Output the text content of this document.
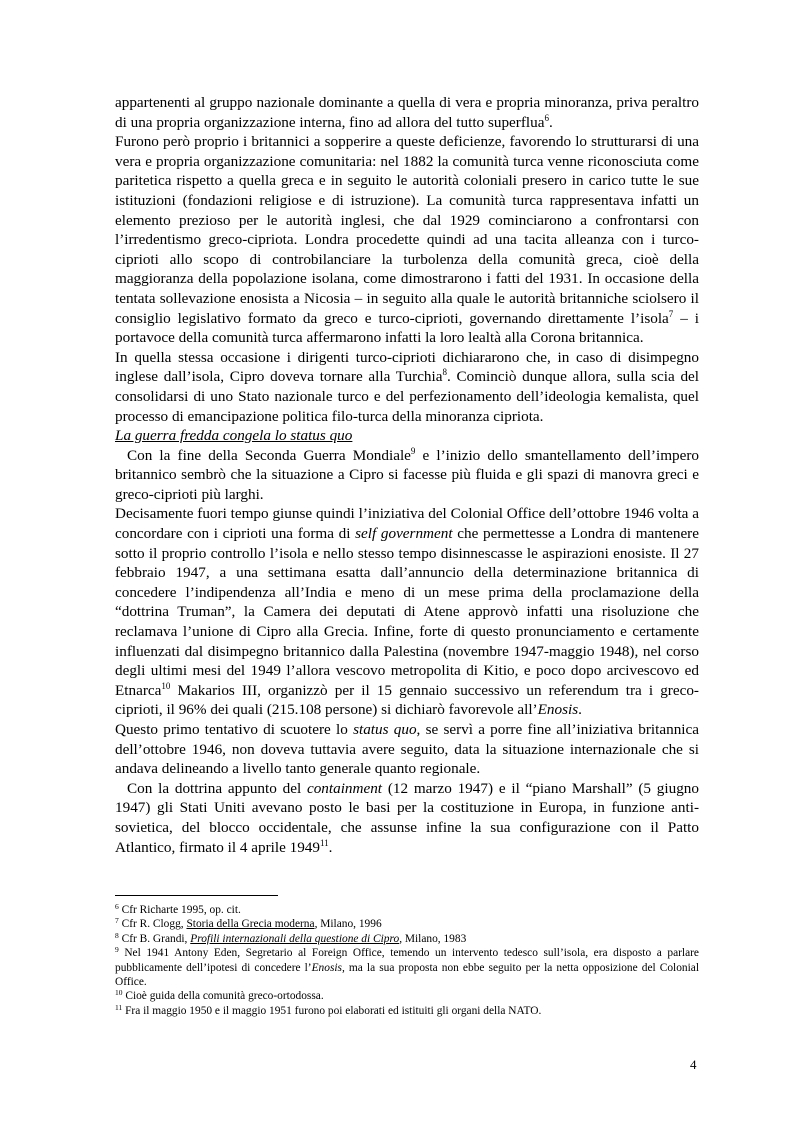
appartenenti al gruppo nazionale dominante a quella di vera e propria minoranza, priva peraltro di una propria organizzazione interna, fino ad allora del tutto superflua$^6$.

Furono però proprio i britannici a sopperire a queste deficienze, favorendo lo strutturarsi di una vera e propria organizzazione comunitaria: nel 1882 la comunità turca venne riconosciuta come paritetica rispetto a quella greca e in seguito le autorità coloniali presero in carico tutte le sue istituzioni (fondazioni religiose e di istruzione). La comunità turca rappresentava infatti un elemento prezioso per le autorità inglesi, che dal 1929 cominciarono a confrontarsi con l’irredentismo greco-cipriota. Londra procedette quindi ad una tacita alleanza con i turco-ciprioti allo scopo di controbilanciare la turbolenza della comunità greca, cioè della maggioranza della popolazione isolana, come dimostrarono i fatti del 1931. In occasione della tentata sollevazione enosista a Nicosia – in seguito alla quale le autorità britanniche sciolsero il consiglio legislativo formato da greco e turco-ciprioti, governando direttamente l’isola$^7$ – i portavoce della comunità turca affermarono infatti la loro lealtà alla Corona britannica.

In quella stessa occasione i dirigenti turco-ciprioti dichiararono che, in caso di disimpegno inglese dall’isola, Cipro doveva tornare alla Turchia$^8$. Cominciò dunque allora, sulla scia del consolidarsi di uno Stato nazionale turco e del perfezionamento dell’ideologia kemalista, quel processo di emancipazione politica filo-turca della minoranza cipriota.

La guerra fredda congela lo status quo

Con la fine della Seconda Guerra Mondiale$^9$ e l’inizio dello smantellamento dell’impero britannico sembrò che la situazione a Cipro si facesse più fluida e gli spazi di manovra greci e greco-ciprioti più larghi.

Decisamente fuori tempo giunse quindi l’iniziativa del Colonial Office dell’ottobre 1946 volta a concordare con i ciprioti una forma di self government che permettesse a Londra di mantenere sotto il proprio controllo l’isola e nello stesso tempo disinnescasse le aspirazioni enosiste. Il 27 febbraio 1947, a una settimana esatta dall’annuncio della determinazione britannica di concedere l’indipendenza all’India e meno di un mese prima della proclamazione della “dottrina Truman”, la Camera dei deputati di Atene approvò infatti una risoluzione che reclamava l’unione di Cipro alla Grecia. Infine, forte di questo pronunciamento e certamente influenzati dal disimpegno britannico dalla Palestina (novembre 1947-maggio 1948), nel corso degli ultimi mesi del 1949 l’allora vescovo metropolita di Kitio, e poco dopo arcivescovo ed Etnarca$^{10}$ Makarios III, organizzò per il 15 gennaio successivo un referendum tra i greco-ciprioti, il 96% dei quali (215.108 persone) si dichiarò favorevole all’Enosis.

Questo primo tentativo di scuotere lo status quo, se servì a porre fine all’iniziativa britannica dell’ottobre 1946, non doveva tuttavia avere seguito, data la situazione internazionale che si andava delineando a livello tanto generale quanto regionale.

Con la dottrina appunto del containment (12 marzo 1947) e il “piano Marshall” (5 giugno 1947) gli Stati Uniti avevano posto le basi per la costituzione in Europa, in funzione anti-sovietica, del blocco occidentale, che assunse infine la sua configurazione con il Patto Atlantico, firmato il 4 aprile 1949$^{11}$.

$^6$ Cfr Richarte 1995, op. cit.

$^7$ Cfr R. Clogg, Storia della Grecia moderna, Milano, 1996

$^8$ Cfr B. Grandi, Profili internazionali della questione di Cipro, Milano, 1983

$^9$ Nel 1941 Antony Eden, Segretario al Foreign Office, temendo un intervento tedesco sull’isola, era disposto a parlare pubblicamente dell’ipotesi di concedere l’Enosis, ma la sua proposta non ebbe seguito per la netta opposizione del Colonial Office.

$^{10}$ Cioè guida della comunità greco-ortodossa.

$^{11}$ Fra il maggio 1950 e il maggio 1951 furono poi elaborati ed istituiti gli organi della NATO.

4
